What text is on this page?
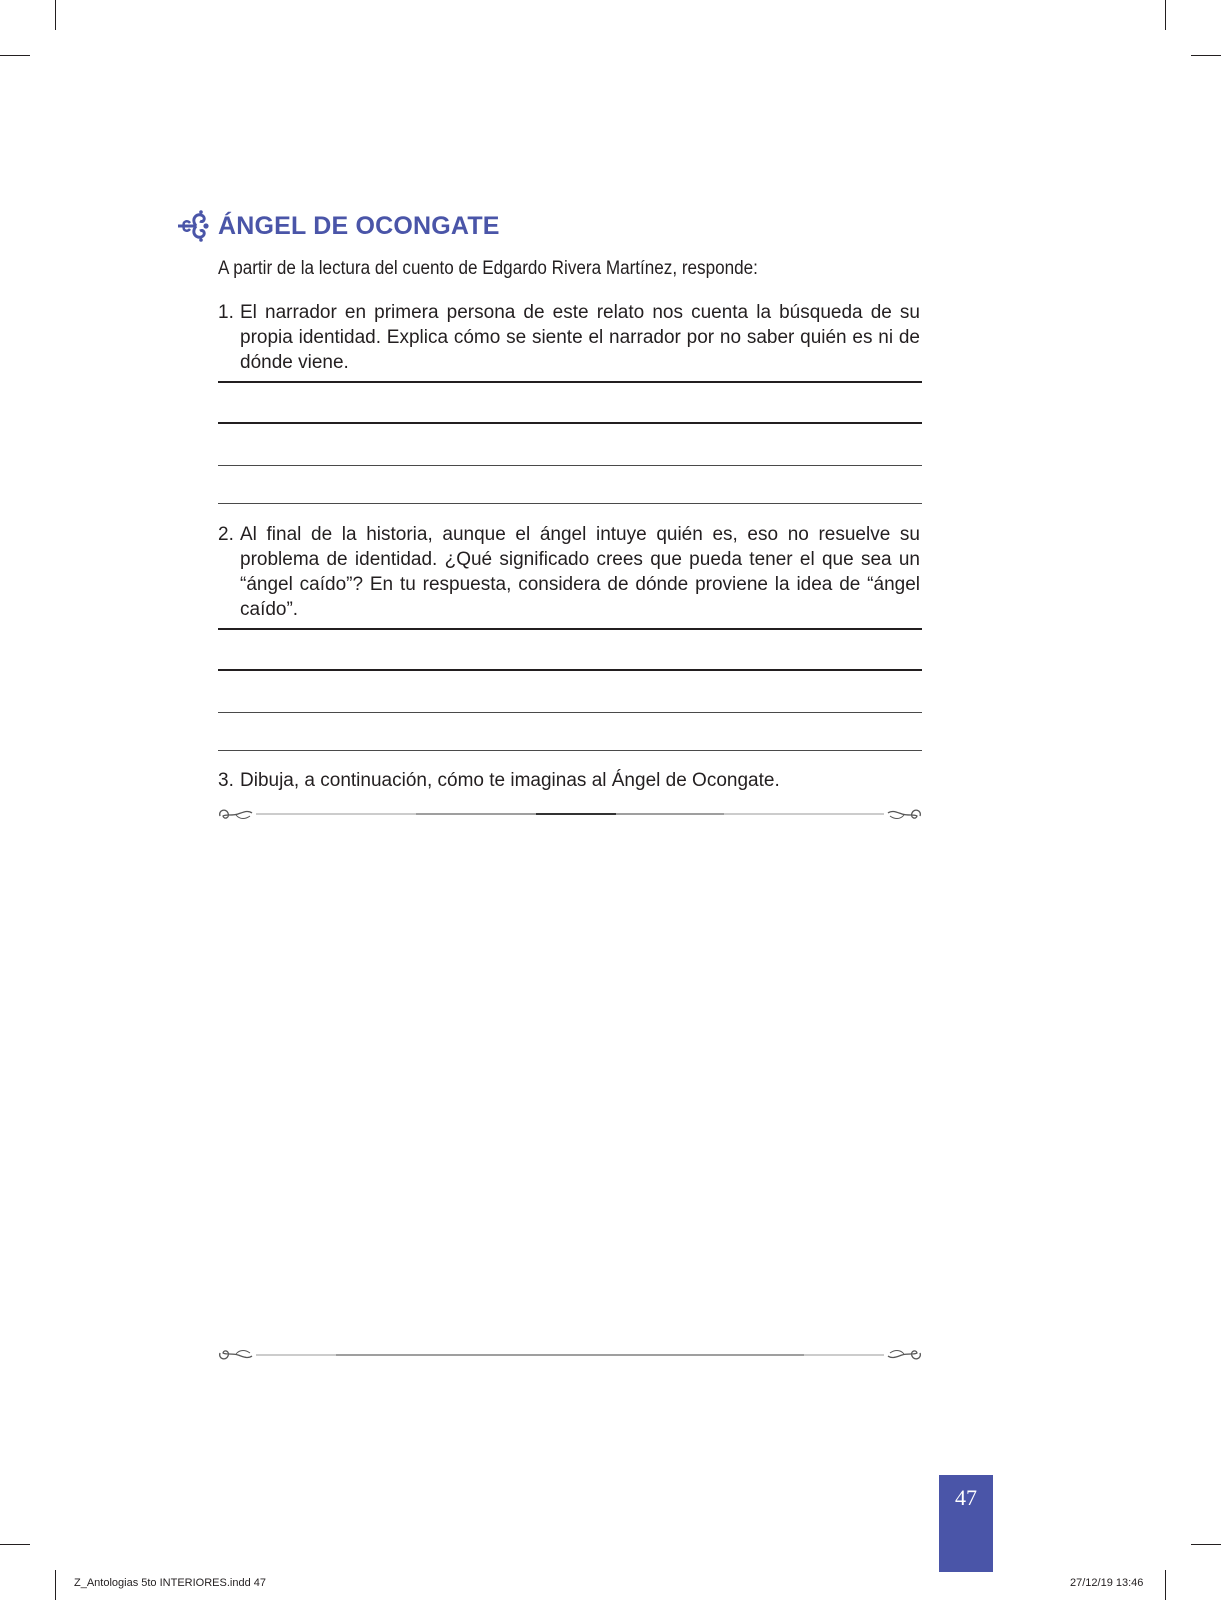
ÁNGEL DE OCONGATE
A partir de la lectura del cuento de Edgardo Rivera Martínez, responde:
1. El narrador en primera persona de este relato nos cuenta la búsqueda de su propia identidad. Explica cómo se siente el narrador por no saber quién es ni de dónde viene.
2. Al final de la historia, aunque el ángel intuye quién es, eso no resuelve su problema de identidad. ¿Qué significado crees que pueda tener el que sea un “ángel caído”? En tu respuesta, considera de dónde proviene la idea de “ángel caído”.
3. Dibuja, a continuación, cómo te imaginas al Ángel de Ocongate.
47
Z_Antologias 5to INTERIORES.indd 47	27/12/19 13:46
